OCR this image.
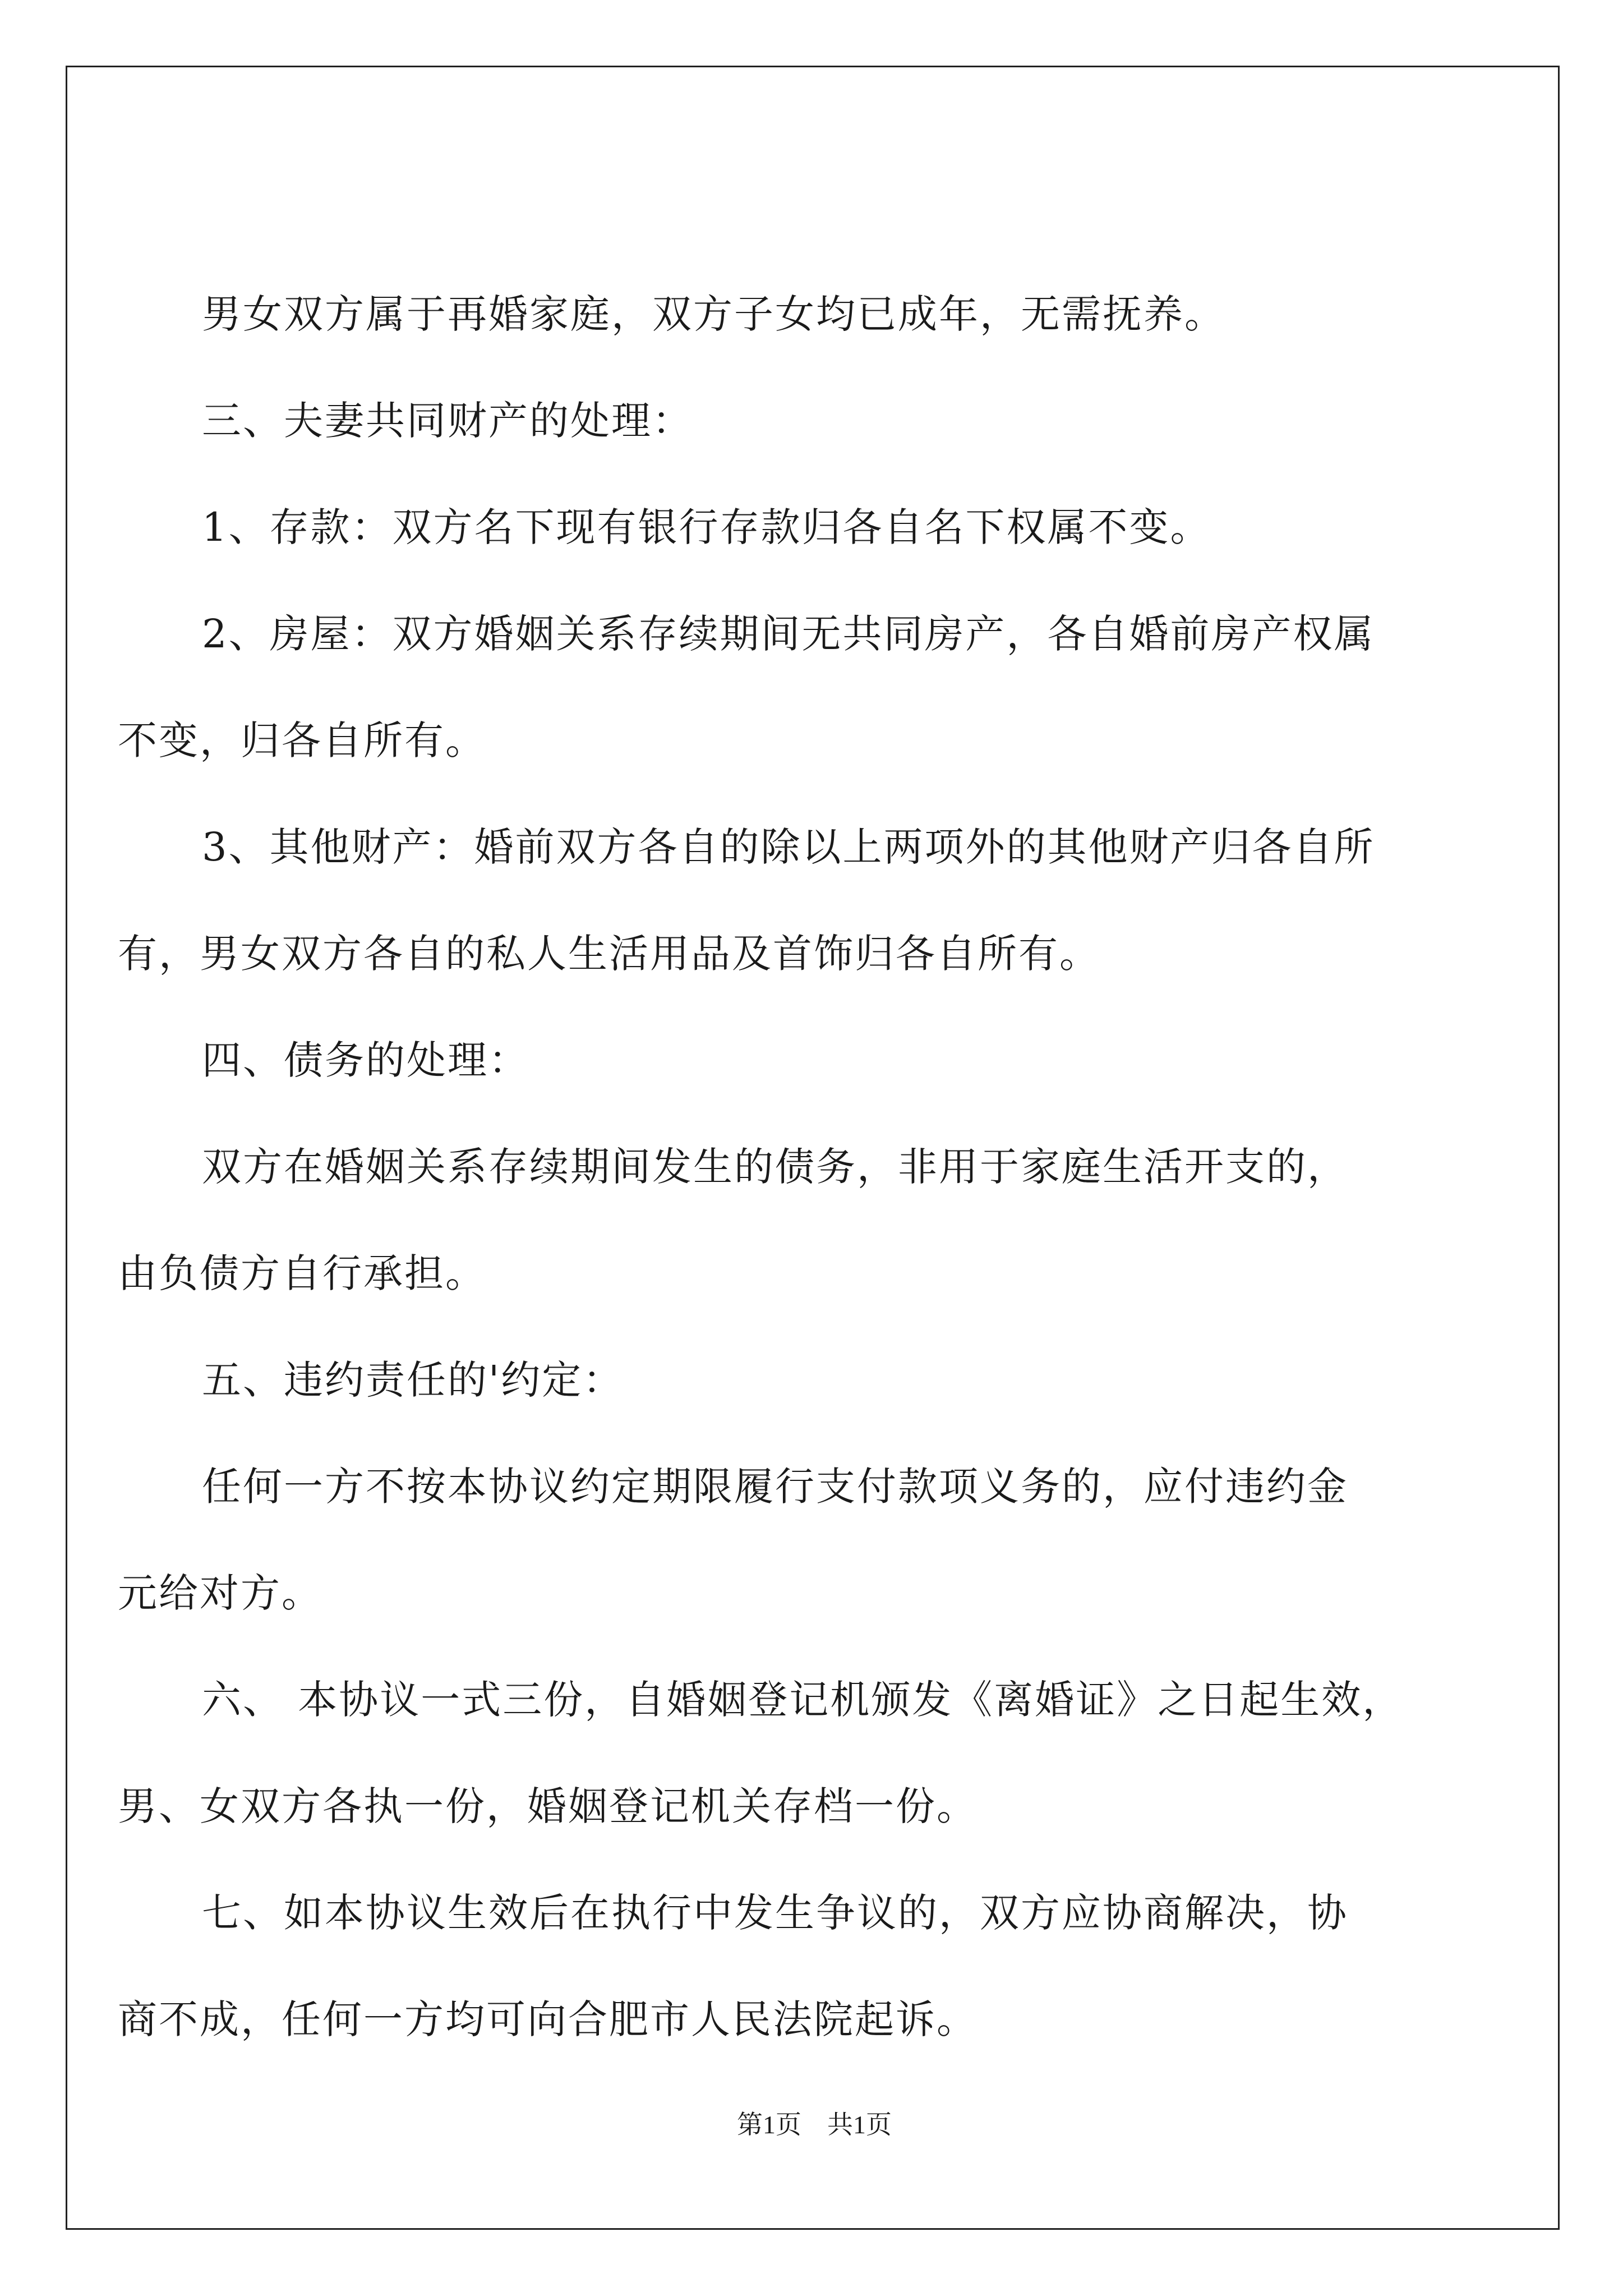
男女双方属于再婚家庭，双方子女均已成年，无需抚养。
三、夫妻共同财产的处理：
1、存款：双方名下现有银行存款归各自名下权属不变。
2、房屋：双方婚姻关系存续期间无共同房产，各自婚前房产权属
不变，归各自所有。
3、其他财产：婚前双方各自的除以上两项外的其他财产归各自所
有，男女双方各自的私人生活用品及首饰归各自所有。
四、债务的处理：
双方在婚姻关系存续期间发生的债务，非用于家庭生活开支的，
由负债方自行承担。
五、违约责任的'约定：
任何一方不按本协议约定期限履行支付款项义务的，应付违约金
元给对方。
六、 本协议一式三份，自婚姻登记机颁发《离婚证》之日起生效，
男、女双方各执一份，婚姻登记机关存档一份。
七、如本协议生效后在执行中发生争议的，双方应协商解决，协
商不成，任何一方均可向合肥市人民法院起诉。
第1页　共1页
